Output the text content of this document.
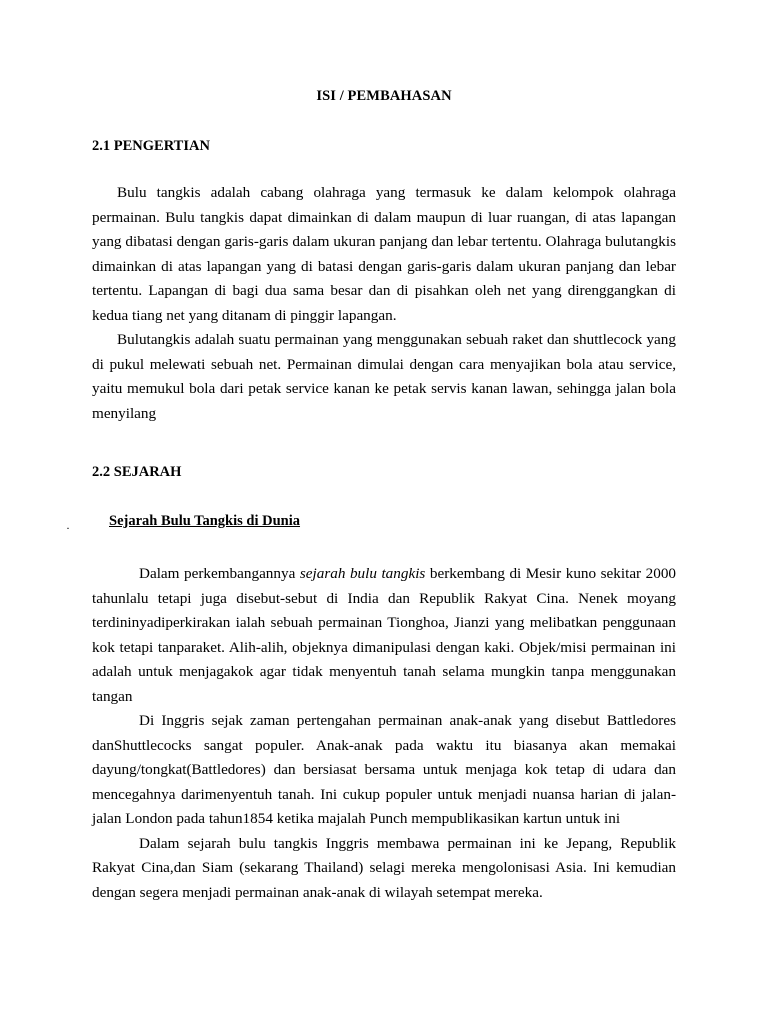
ISI / PEMBAHASAN
2.1 PENGERTIAN

Bulu tangkis adalah cabang olahraga yang termasuk ke dalam kelompok olahraga permainan. Bulu tangkis dapat dimainkan di dalam maupun di luar ruangan, di atas lapangan yang dibatasi dengan garis-garis dalam ukuran panjang dan lebar tertentu. Olahraga bulutangkis dimainkan di atas lapangan yang di batasi dengan garis-garis dalam ukuran panjang dan lebar tertentu. Lapangan di bagi dua sama besar dan di pisahkan oleh net yang direnggangkan di kedua tiang net yang ditanam di pinggir lapangan.

Bulutangkis adalah suatu permainan yang menggunakan sebuah raket dan shuttlecock yang di pukul melewati sebuah net. Permainan dimulai dengan cara menyajikan bola atau service, yaitu memukul bola dari petak service kanan ke petak servis kanan lawan, sehingga jalan bola menyilang

2.2 SEJARAH
·	Sejarah Bulu Tangkis di Dunia

Dalam perkembangannya sejarah bulu tangkis berkembang di Mesir kuno sekitar 2000 tahunlalu tetapi juga disebut-sebut di India dan Republik Rakyat Cina. Nenek moyang terdininyadiperkirakan ialah sebuah permainan Tionghoa, Jianzi yang melibatkan penggunaan kok tetapi tanparaket. Alih-alih, objeknya dimanipulasi dengan kaki. Objek/misi permainan ini adalah untuk menjagakok agar tidak menyentuh tanah selama mungkin tanpa menggunakan tangan

Di Inggris sejak zaman pertengahan permainan anak-anak yang disebut Battledores danShuttlecocks sangat populer. Anak-anak pada waktu itu biasanya akan memakai dayung/tongkat(Battledores) dan bersiasat bersama untuk menjaga kok tetap di udara dan mencegahnya darimenyentuh tanah. Ini cukup populer untuk menjadi nuansa harian di jalan-jalan London pada tahun1854 ketika majalah Punch mempublikasikan kartun untuk ini

Dalam sejarah bulu tangkis Inggris membawa permainan ini ke Jepang, Republik Rakyat Cina,dan Siam (sekarang Thailand) selagi mereka mengolonisasi Asia. Ini kemudian dengan segera menjadi permainan anak-anak di wilayah setempat mereka.
